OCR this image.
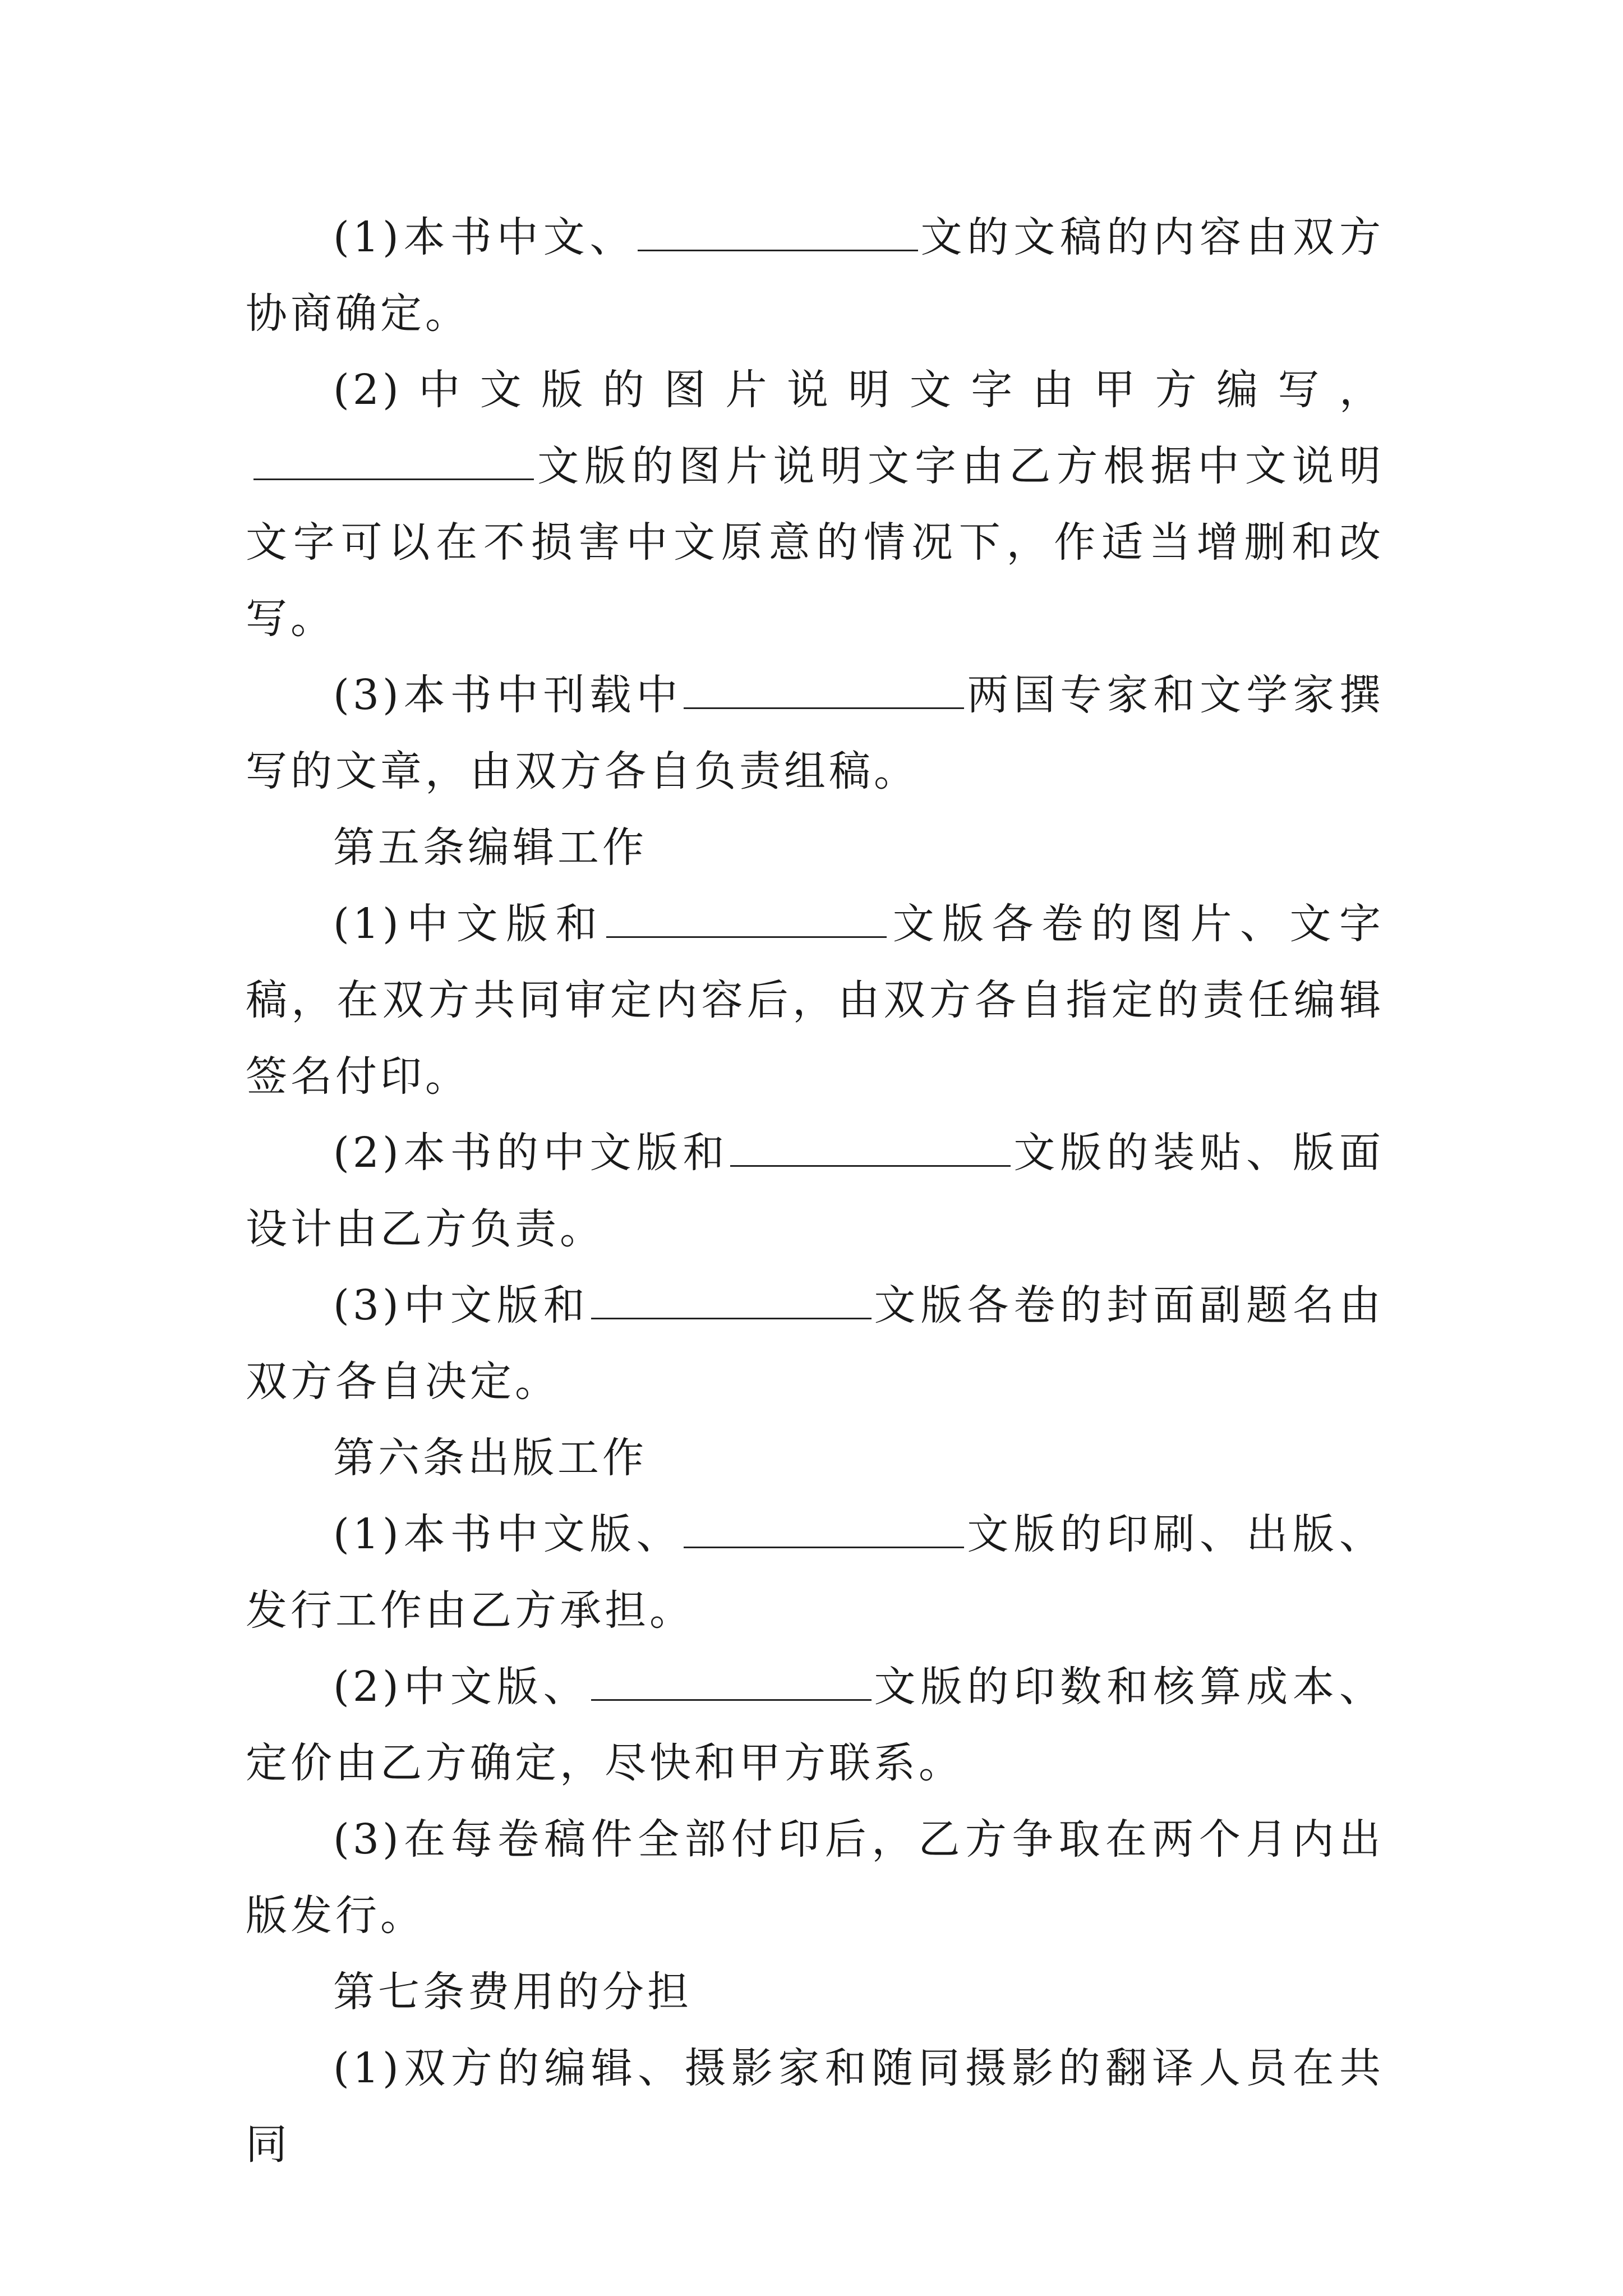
(1)本书中文、	文的文稿的内容由双方协商确定。

(2)中文版的图片说明文字由甲方编写，文版的图片说明文字由乙方根据中文说明文字可以在不损害中文原意的情况下，作适当增删和改写。

(3)本书中刊载中	两国专家和文学家撰写的文章，由双方各自负责组稿。

第五条编辑工作

(1)中文版和	文版各卷的图片、文字稿，在双方共同审定内容后，由双方各自指定的责任编辑签名付印。

(2)本书的中文版和	文版的装贴、版面设计由乙方负责。

(3)中文版和	文版各卷的封面副题名由双方各自决定。

第六条出版工作

(1)本书中文版、	文版的印刷、出版、发行工作由乙方承担。

(2)中文版、	文版的印数和核算成本、定价由乙方确定，尽快和甲方联系。

(3)在每卷稿件全部付印后，乙方争取在两个月内出版发行。

第七条费用的分担

(1)双方的编辑、摄影家和随同摄影的翻译人员在共同
